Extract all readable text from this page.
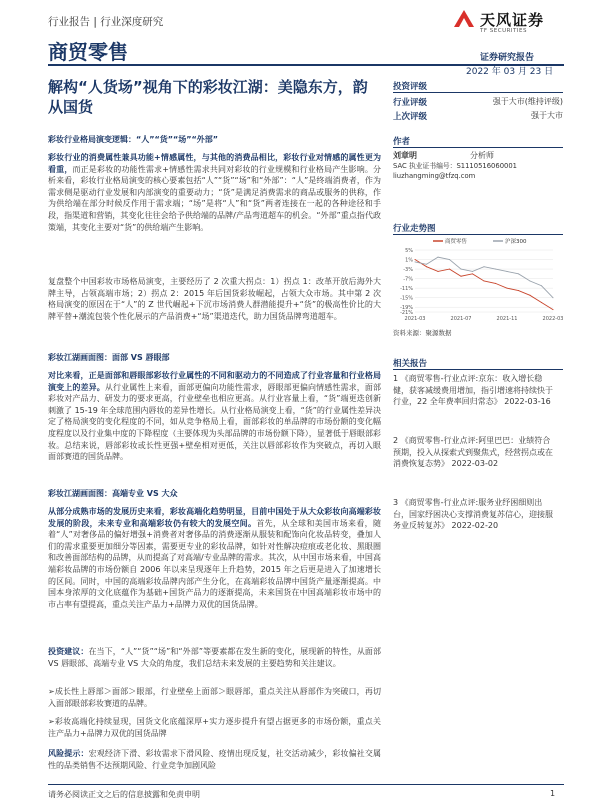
行业报告 | 行业深度研究	天风证券
TF SECURITIES
商贸零售	证券研究报告
2022 年 03 月 23 日
解构“人货场”视角下的彩妆江湖：美隐东方，韵从国货
投资评级
行业评级	强于大市(维持评级)
上次评级	强于大市
作者
刘章明	分析师
SAC 执业证书编号：S1110516060001
liuzhangming@tfzq.com
行业走势图
5%
1%
-3%
-7%
-11%
-15%
-19%
-21%
2021-03	2021-07	2021-11	2022-03
商贸零售	沪深300
资料来源：聚源数据
相关报告
1 《商贸零售-行业点评:京东：收入增长稳健，获客减缓费用增加，指引增速将持续快于行业，22 全年费率回归常态》 2022-03-16
2 《商贸零售-行业点评:阿里巴巴：业绩符合预期，投入从探索式到聚焦式，经营拐点或在消费恢复态势》 2022-03-02
3 《商贸零售-行业点评:服务业纾困细则出台，国家纾困决心支撑消费复苏信心，迎接服务业反转复苏》 2022-02-20
彩妆行业格局演变逻辑：“人”“货”“场”“外部”
彩妆行业的消费属性兼具功能+情感属性，与其他的消费品相比，彩妆行业对情感的属性更为看重，而正是彩妆的功能性需求+情感性需求共同对彩妆的行业规模和行业格局产生影响。分析来看，彩妆行业格局演变的核心要素包括“人”“货”“场”和“外部”：“人”是终端消费者，作为需求侧是驱动行业发展和内部演变的重要动力；“货”是满足消费需求的商品或服务的供称，作为供给端在部分时候反作用于需求端；“场”是将“人”和“货”两者连接在一起的各种途径和手段，指渠道和营销，其变化往往会给予供给端的品牌/产品弯道超车的机会。“外部”重点指代政策端，其变化主要对“货”的供给端产生影响。
复盘整个中国彩妆市场格局演变，主要经历了 2 次重大拐点：1）拐点 1：改革开放后海外大牌主导，占领高端市场；2）拐点 2：2015 年后国货彩妆崛起，占领大众市场。其中第 2 次格局演变的原因在于“人”的 Z 世代崛起+下沉市场消费人群潜能提升+“货”的极高性价比的大牌平替+潮流包装个性化展示的产品消费+“场”渠道迭代，助力国货品牌弯道超车。
彩妆江湖画面图：面部 VS 唇眼部
对比来看，正是面部和唇眼部彩妆行业属性的不同和驱动力的不同造成了行业容量和行业格局演变上的差异。从行业属性上来看，面部更偏向功能性需求，唇眼部更偏向情感性需求，面部彩妆对产品力、研发力的要求更高，行业壁垒也相应更高。从行业容量上看，“货”端更迭创新刺激了 15-19 年全球范围内唇妆的差异性增长。从行业格局演变上看，“货”的行业属性差异决定了格局演变的变化程度的不同，如从竞争格局上看，面部彩妆的单品牌的市场份额的变化幅度程度以及行业集中度的下降程度（主要体现为头部品牌的市场份额下降），显著低于唇眼部彩妆。总结来说，唇部彩妆或长性更强+壁垒相对更低，关注以唇部彩妆作为突破点，再切入眼面部赛道的国货品牌。
彩妆江湖画面图：高端专业 VS 大众
从部分成熟市场的发展历史来看，彩妆高端化趋势明显，目前中国处于从大众彩妆向高端彩妆发展的阶段，未来专业和高端彩妆仍有较大的发展空间。首先，从全球和美国市场来看，随着“人”对奢侈品的偏好增强+消费者对奢侈品的消费逐渐从服装和配饰向化妆品转变，叠加人们的需求重要更加细分等因素，需要更专业的彩妆品牌，如针对性解决痘痕或老化妆、黑眼圈和改善面部结构的品牌，从而提高了对高端/专业品牌的需求。其次，从中国市场来看，中国高端彩妆品牌的市场份额自 2006 年以来呈现逐年上升趋势，2015 年之后更是进入了加速增长的区间。同时，中国的高端彩妆品牌内部产生分化，在高端彩妆品牌中国货产量逐渐提高。中国本身浓厚的文化底蕴作为基础+国货产品力的逐渐提高，未来国货在中国高端彩妆市场中的市占率有望提高，重点关注产品力+品牌力双优的国货品牌。
投资建议：在当下，“人”“货”“场”和“外部”等要素都在发生新的变化，展现新的特性，从面部 VS 唇眼部、高端专业 VS 大众的角度，我们总结未来发展的主要趋势和关注建议。
➢成长性上唇部＞面部＞眼部，行业壁垒上面部＞眼唇部，重点关注从唇部作为突破口，再切入面部眼部彩妆赛道的品牌。
➢彩妆高端化持续显现，国货文化底蕴深厚+实力逐步提升有望占据更多的市场份额，重点关注产品力+品牌力双优的国货品牌
风险提示：宏观经济下滑、彩妆需求下滑风险、疫情出现反复，社交活动减少，彩妆偏社交属性的品类销售不达预期风险、行业竞争加剧风险
请务必阅读正文之后的信息披露和免责申明	1
